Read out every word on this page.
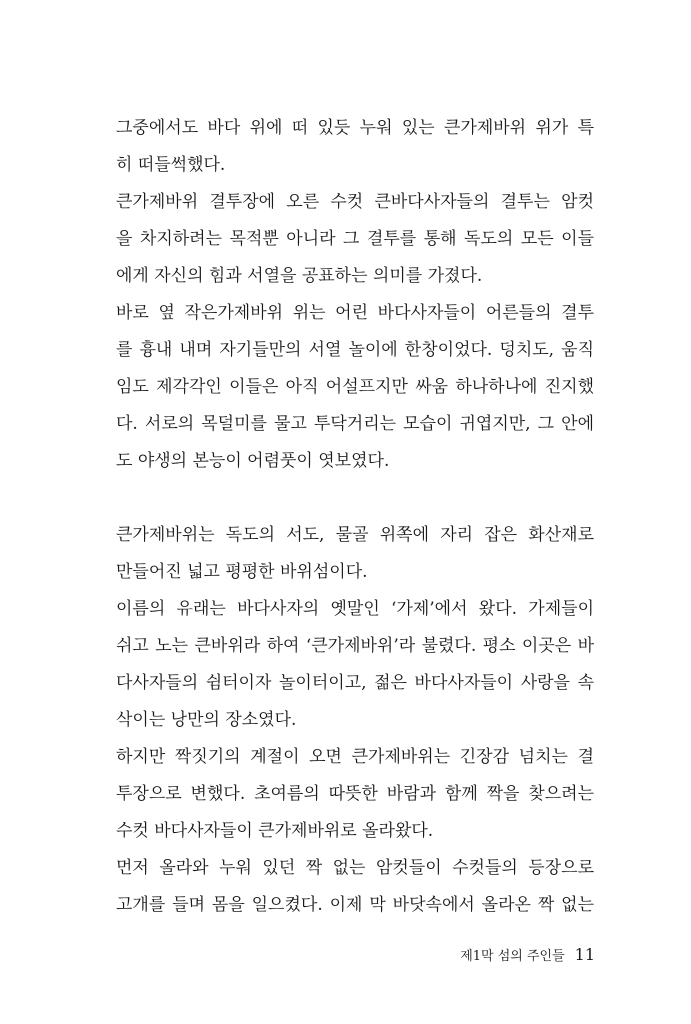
그중에서도 바다 위에 떠 있듯 누워 있는 큰가제바위 위가 특
히 떠들썩했다.
큰가제바위 결투장에 오른 수컷 큰바다사자들의 결투는 암컷
을 차지하려는 목적뿐 아니라 그 결투를 통해 독도의 모든 이들
에게 자신의 힘과 서열을 공표하는 의미를 가졌다.
바로 옆 작은가제바위 위는 어린 바다사자들이 어른들의 결투
를 흉내 내며 자기들만의 서열 놀이에 한창이었다. 덩치도, 움직
임도 제각각인 이들은 아직 어설프지만 싸움 하나하나에 진지했
다. 서로의 목덜미를 물고 투닥거리는 모습이 귀엽지만, 그 안에
도 야생의 본능이 어렴풋이 엿보였다.
큰가제바위는 독도의 서도, 물골 위쪽에 자리 잡은 화산재로
만들어진 넓고 평평한 바위섬이다.
이름의 유래는 바다사자의 옛말인 ‘가제’에서 왔다. 가제들이
쉬고 노는 큰바위라 하여 ‘큰가제바위’라 불렸다. 평소 이곳은 바
다사자들의 쉼터이자 놀이터이고, 젊은 바다사자들이 사랑을 속
삭이는 낭만의 장소였다.
하지만 짝짓기의 계절이 오면 큰가제바위는 긴장감 넘치는 결
투장으로 변했다. 초여름의 따뜻한 바람과 함께 짝을 찾으려는
수컷 바다사자들이 큰가제바위로 올라왔다.
먼저 올라와 누워 있던 짝 없는 암컷들이 수컷들의 등장으로
고개를 들며 몸을 일으켰다. 이제 막 바닷속에서 올라온 짝 없는
제1막 섬의 주인들 11
